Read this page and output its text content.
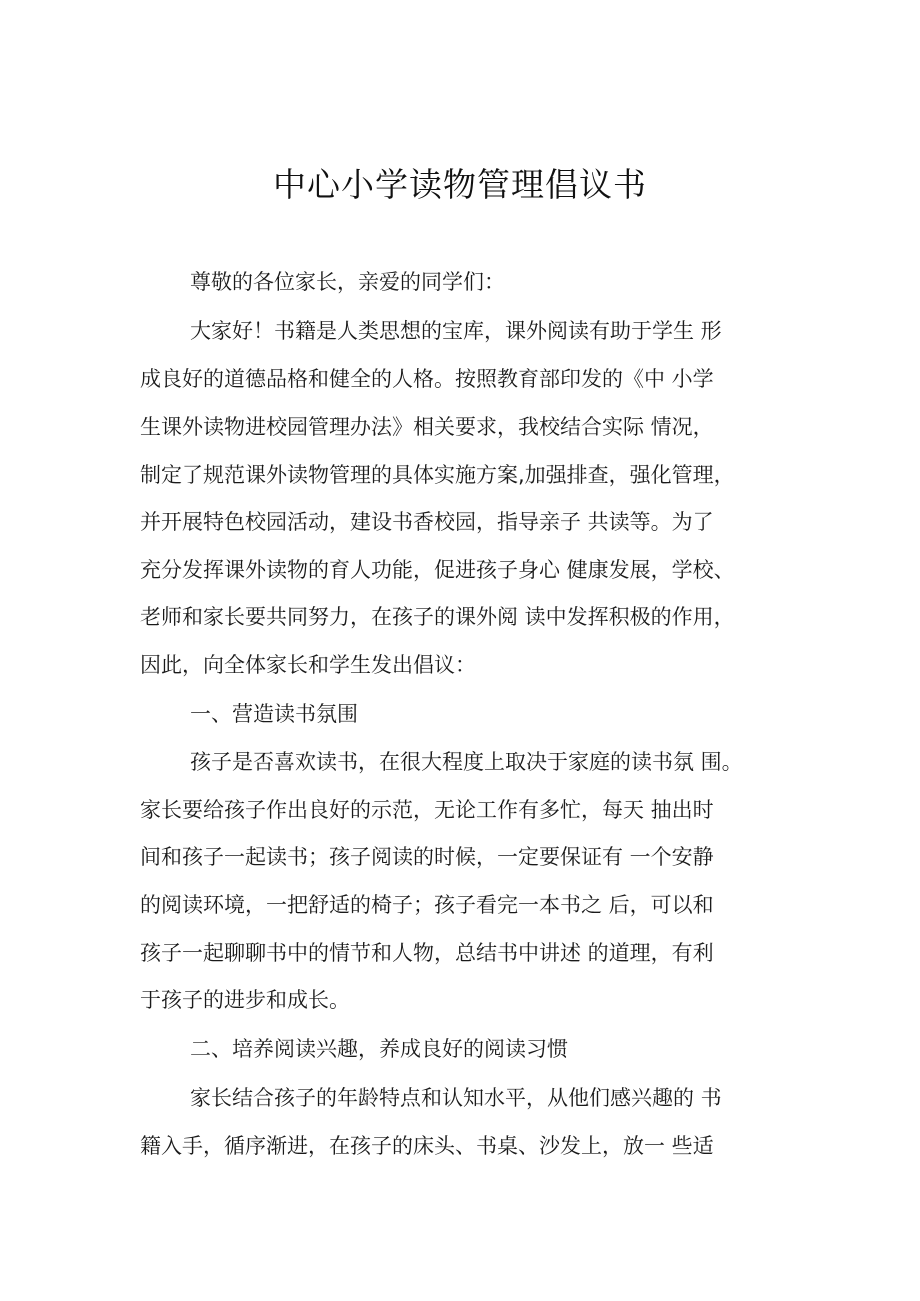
中心小学读物管理倡议书
尊敬的各位家长，亲爱的同学们：
大家好！书籍是人类思想的宝库，课外阅读有助于学生 形
成良好的道德品格和健全的人格。按照教育部印发的《中 小学
生课外读物进校园管理办法》相关要求，我校结合实际 情况，
制定了规范课外读物管理的具体实施方案,加强排查，强化管理，
并开展特色校园活动，建设书香校园，指导亲子 共读等。为了
充分发挥课外读物的育人功能，促进孩子身心 健康发展，学校、
老师和家长要共同努力，在孩子的课外阅 读中发挥积极的作用，
因此，向全体家长和学生发出倡议：
一、营造读书氛围
孩子是否喜欢读书，在很大程度上取决于家庭的读书氛 围。
家长要给孩子作出良好的示范，无论工作有多忙，每天 抽出时
间和孩子一起读书；孩子阅读的时候，一定要保证有 一个安静
的阅读环境，一把舒适的椅子；孩子看完一本书之 后，可以和
孩子一起聊聊书中的情节和人物，总结书中讲述 的道理，有利
于孩子的进步和成长。
二、培养阅读兴趣，养成良好的阅读习惯
家长结合孩子的年龄特点和认知水平，从他们感兴趣的 书
籍入手，循序渐进，在孩子的床头、书桌、沙发上，放一 些适
